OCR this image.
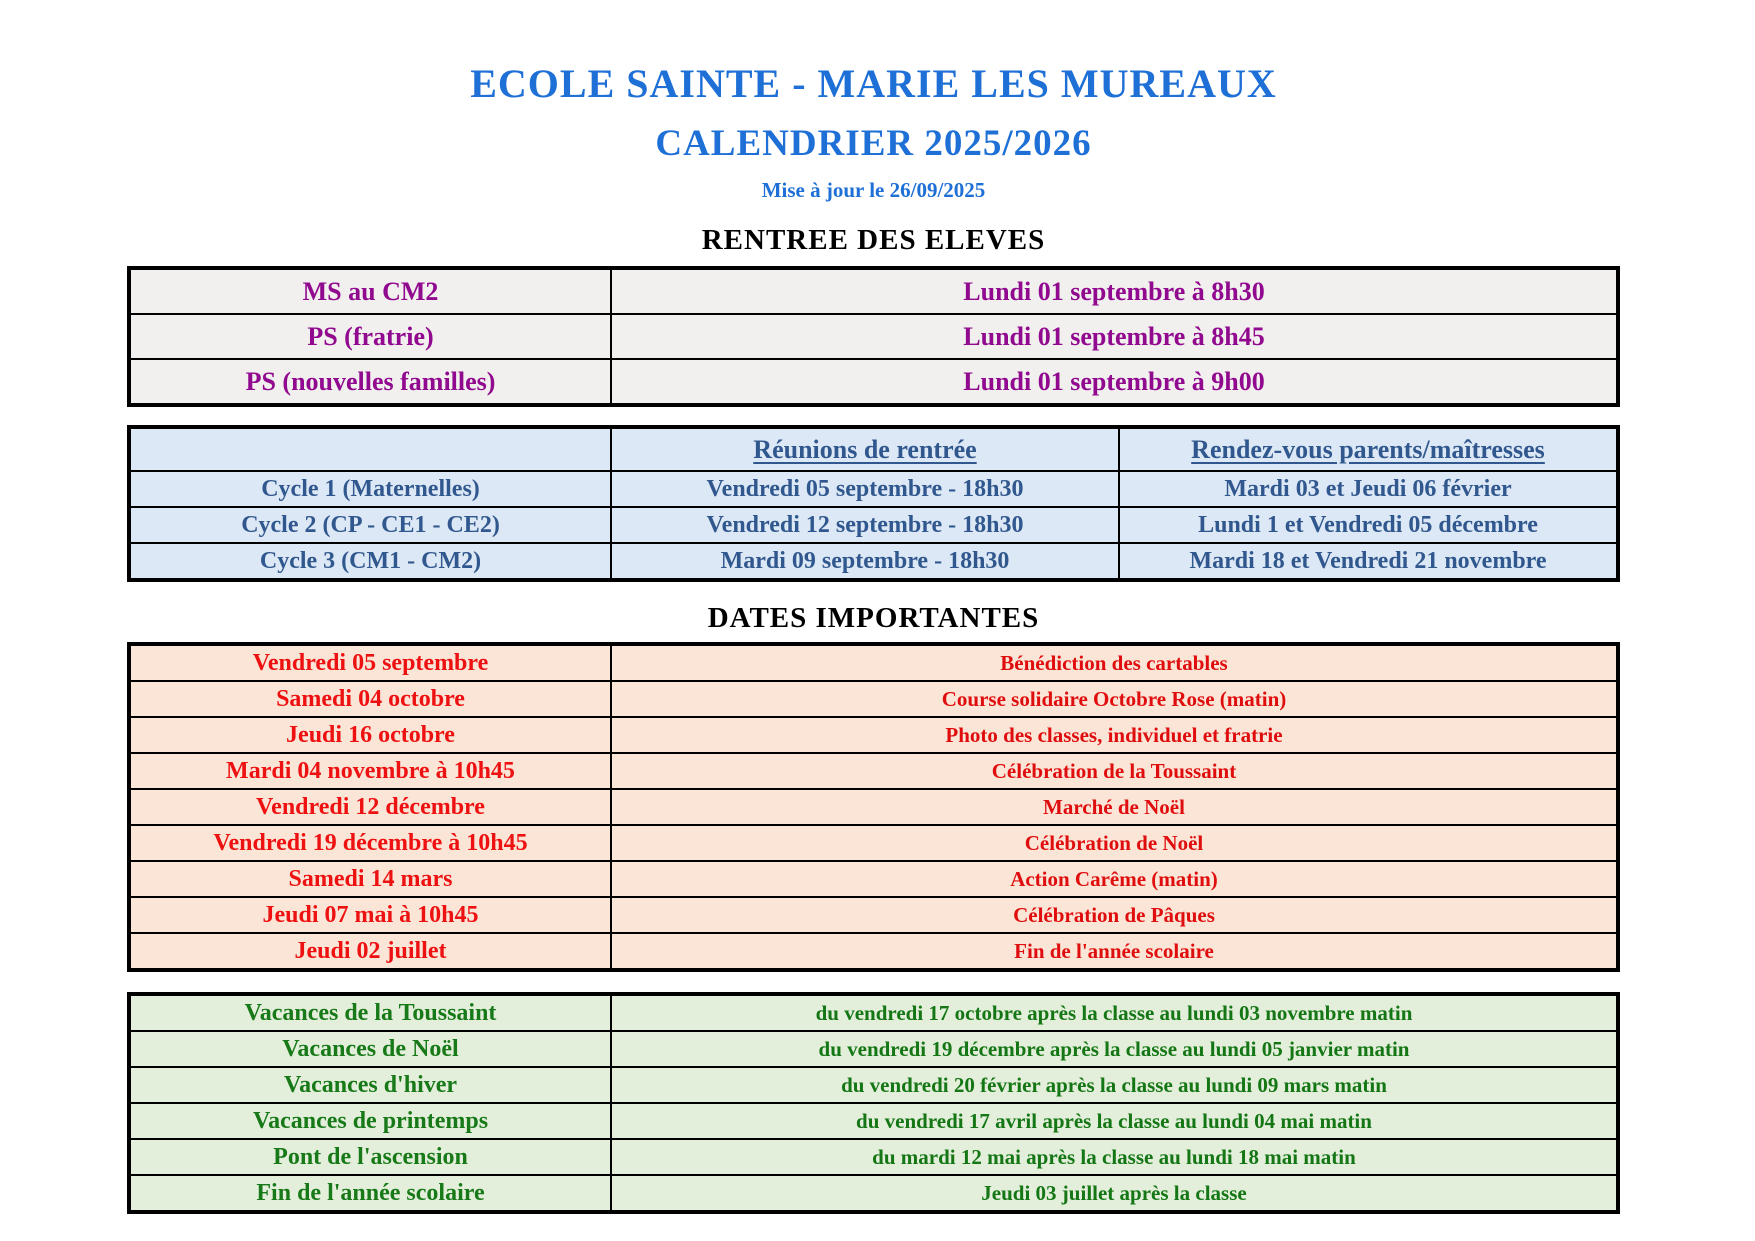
ECOLE SAINTE - MARIE LES MUREAUX
CALENDRIER 2025/2026
Mise à jour le 26/09/2025
RENTREE DES ELEVES
MS au CM2	Lundi 01 septembre à 8h30
PS (fratrie)	Lundi 01 septembre à 8h45
PS (nouvelles familles)	Lundi 01 septembre à 9h00
	Réunions de rentrée	Rendez-vous parents/maîtresses
Cycle 1 (Maternelles)	Vendredi 05 septembre - 18h30	Mardi 03 et Jeudi 06 février
Cycle 2 (CP - CE1 - CE2)	Vendredi 12 septembre - 18h30	Lundi 1 et Vendredi 05 décembre
Cycle 3 (CM1 - CM2)	Mardi 09 septembre - 18h30	Mardi 18 et Vendredi 21 novembre
DATES IMPORTANTES
Vendredi 05 septembre	Bénédiction des cartables
Samedi 04 octobre	Course solidaire Octobre Rose (matin)
Jeudi 16 octobre	Photo des classes, individuel et fratrie
Mardi 04 novembre à 10h45	Célébration de la Toussaint
Vendredi 12 décembre	Marché de Noël
Vendredi 19 décembre à 10h45	Célébration de Noël
Samedi 14 mars	Action Carême (matin)
Jeudi 07 mai à 10h45	Célébration de Pâques
Jeudi 02 juillet	Fin de l'année scolaire
Vacances de la Toussaint	du vendredi 17 octobre après la classe au lundi 03 novembre matin
Vacances de Noël	du vendredi 19 décembre après la classe au lundi 05 janvier matin
Vacances d'hiver	du vendredi 20 février après la classe au lundi 09 mars matin
Vacances de printemps	du vendredi 17 avril après la classe au lundi 04 mai matin
Pont de l'ascension	du mardi 12 mai après la classe au lundi 18 mai matin
Fin de l'année scolaire	Jeudi 03 juillet après la classe
